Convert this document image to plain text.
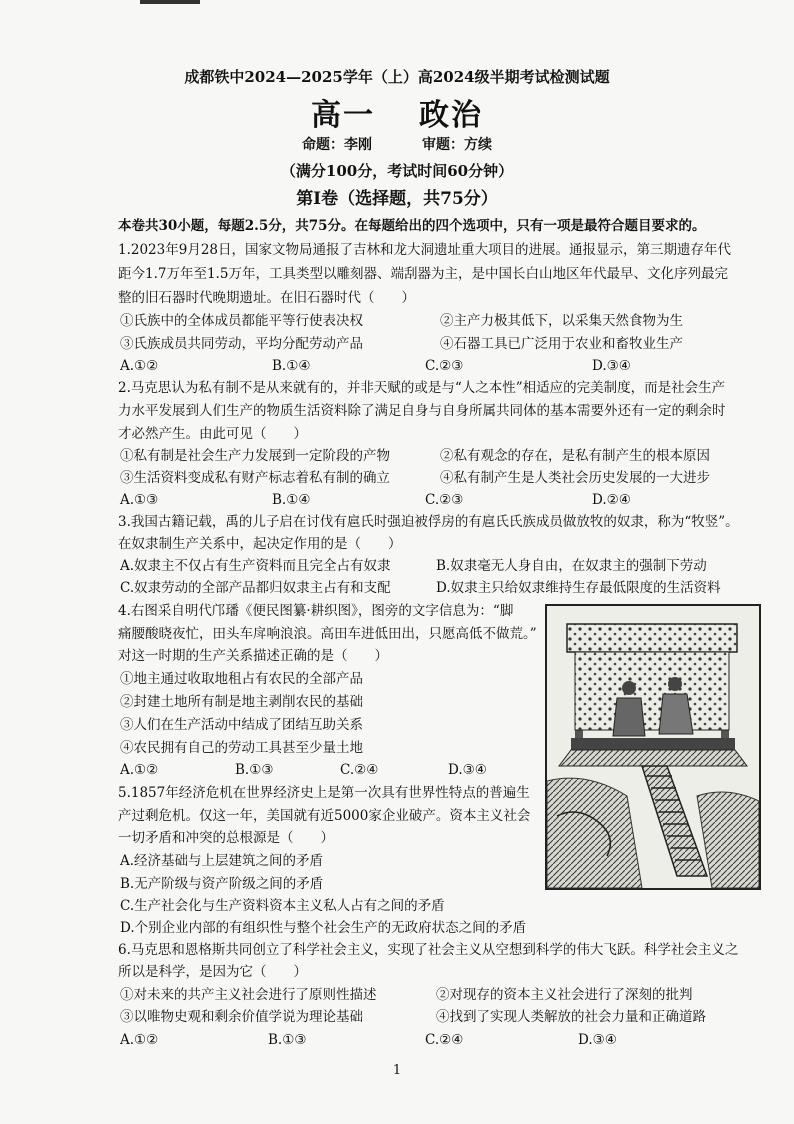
成都铁中2024—2025学年（上）高2024级半期考试检测试题
高一 政治
命题：李刚	审题：方续
（满分100分，考试时间60分钟）
第Ⅰ卷（选择题，共75分）
本卷共30小题，每题2.5分，共75分。在每题给出的四个选项中，只有一项是最符合题目要求的。
1.2023年9月28日，国家文物局通报了吉林和龙大洞遗址重大项目的进展。通报显示，第三期遗存年代
距今1.7万年至1.5万年，工具类型以雕刻器、端刮器为主，是中国长白山地区年代最早、文化序列最完
整的旧石器时代晚期遗址。在旧石器时代（　　）
①氏族中的全体成员都能平等行使表决权	②主产力极其低下，以采集天然食物为生
③氏族成员共同劳动，平均分配劳动产品	④石器工具已广泛用于农业和畜牧业生产
A.①②	B.①④	C.②③	D.③④
2.马克思认为私有制不是从来就有的，并非天赋的或是与“人之本性”相适应的完美制度，而是社会生产
力水平发展到人们生产的物质生活资料除了满足自身与自身所属共同体的基本需要外还有一定的剩余时
才必然产生。由此可见（　　）
①私有制是社会生产力发展到一定阶段的产物	②私有观念的存在，是私有制产生的根本原因
③生活资料变成私有财产标志着私有制的确立	④私有制产生是人类社会历史发展的一大进步
A.①③	B.①④	C.②③	D.②④
3.我国古籍记载，禹的儿子启在讨伐有扈氏时强迫被俘房的有扈氏氏族成员做放牧的奴隶，称为“牧竖”。
在奴隶制生产关系中，起决定作用的是（　　）
A.奴隶主不仅占有生产资料而且完全占有奴隶	B.奴隶毫无人身自由，在奴隶主的强制下劳动
C.奴隶劳动的全部产品都归奴隶主占有和支配	D.奴隶主只给奴隶维持生存最低限度的生活资料
4.右图采自明代邝璠《便民图纂·耕织图》，图旁的文字信息为：“脚
痛腰酸晓夜忙，田头车戽响浪浪。高田车进低田出，只愿高低不做荒。”
对这一时期的生产关系描述正确的是（　　）
①地主通过收取地租占有农民的全部产品
②封建土地所有制是地主剥削农民的基础
③人们在生产活动中结成了团结互助关系
④农民拥有自己的劳动工具甚至少量土地
A.①②	B.①③	C.②④	D.③④
5.1857年经济危机在世界经济史上是第一次具有世界性特点的普遍生
产过剩危机。仅这一年，美国就有近5000家企业破产。资本主义社会
一切矛盾和冲突的总根源是（　　）
A.经济基础与上层建筑之间的矛盾
B.无产阶级与资产阶级之间的矛盾
C.生产社会化与生产资料资本主义私人占有之间的矛盾
D.个别企业内部的有组织性与整个社会生产的无政府状态之间的矛盾
6.马克思和恩格斯共同创立了科学社会主义，实现了社会主义从空想到科学的伟大飞跃。科学社会主义之
所以是科学，是因为它（　　）
①对未来的共产主义社会进行了原则性描述	②对现存的资本主义社会进行了深刻的批判
③以唯物史观和剩余价值学说为理论基础	④找到了实现人类解放的社会力量和正确道路
A.①②	B.①③	C.②④	D.③④
1
